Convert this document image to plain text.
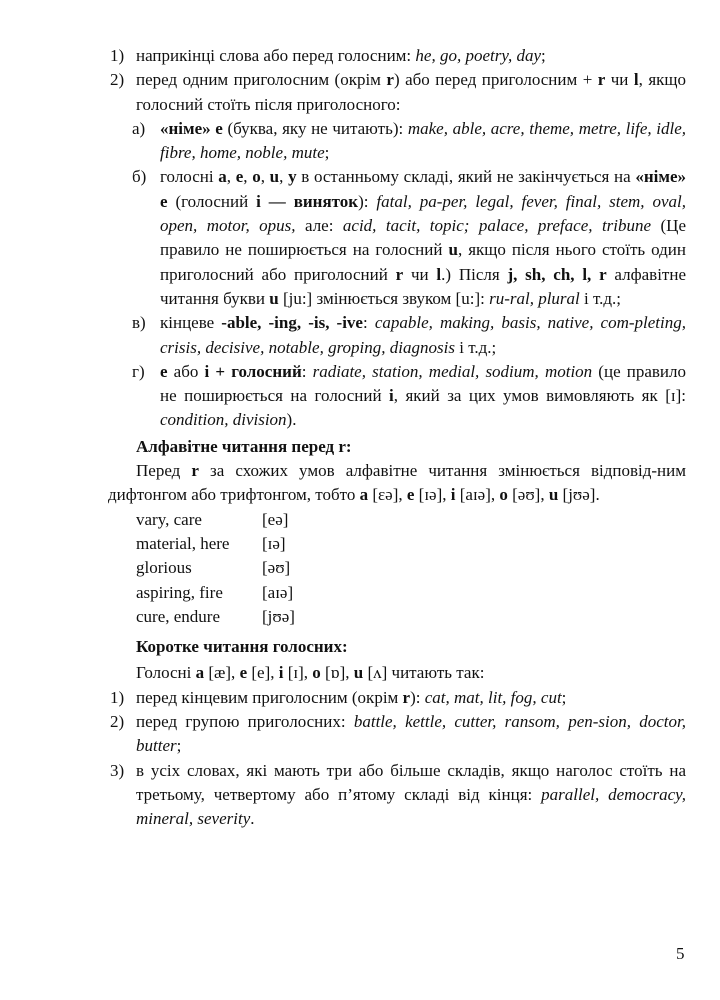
1) наприкінці слова або перед голосним: he, go, poetry, day;
2) перед одним приголосним (окрім r) або перед приголосним + r чи l, якщо голосний стоїть після приголосного:
а) «німе» е (буква, яку не читають): make, able, acre, theme, metre, life, idle, fibre, home, noble, mute;
б) голосні a, e, o, u, y в останньому складі, який не закінчується на «німе» е (голосний і — виняток): fatal, pa-per, legal, fever, final, stem, oval, open, motor, opus, але: acid, tacit, topic; palace, preface, tribune (Це правило не поширюється на голосний u, якщо після нього стоїть один приголосний або приголосний r чи l.) Після j, sh, ch, l, r алфавітне читання букви u [ju:] змінюється звуком [u:]: ru-ral, plural і т.д.;
в) кінцеве -able, -ing, -is, -ive: capable, making, basis, native, com-pleting, crisis, decisive, notable, groping, diagnosis і т.д.;
г) e або і + голосний: radiate, station, medial, sodium, motion (це правило не поширюється на голосний і, який за цих умов вимовляють як [ɪ]: condition, division).
Алфавітне читання перед r:
Перед r за схожих умов алфавітне читання змінюється відповід-ним дифтонгом або трифтонгом, тобто a [ɛə], e [ɪə], i [aɪə], o [əʊ], u [jʊə].
vary, care	[eə]
material, here	[ɪə]
glorious	[əʊ]
aspiring, fire	[aɪə]
cure, endure	[jʊə]
Коротке читання голосних:
Голосні a [æ], e [e], i [ɪ], o [ɒ], u [ʌ] читають так:
1) перед кінцевим приголосним (окрім r): cat, mat, lit, fog, cut;
2) перед групою приголосних: battle, kettle, cutter, ransom, pen-sion, doctor, butter;
3) в усіх словах, які мають три або більше складів, якщо наголос стоїть на третьому, четвертому або п’ятому складі від кінця: parallel, democracy, mineral, severity.
5
